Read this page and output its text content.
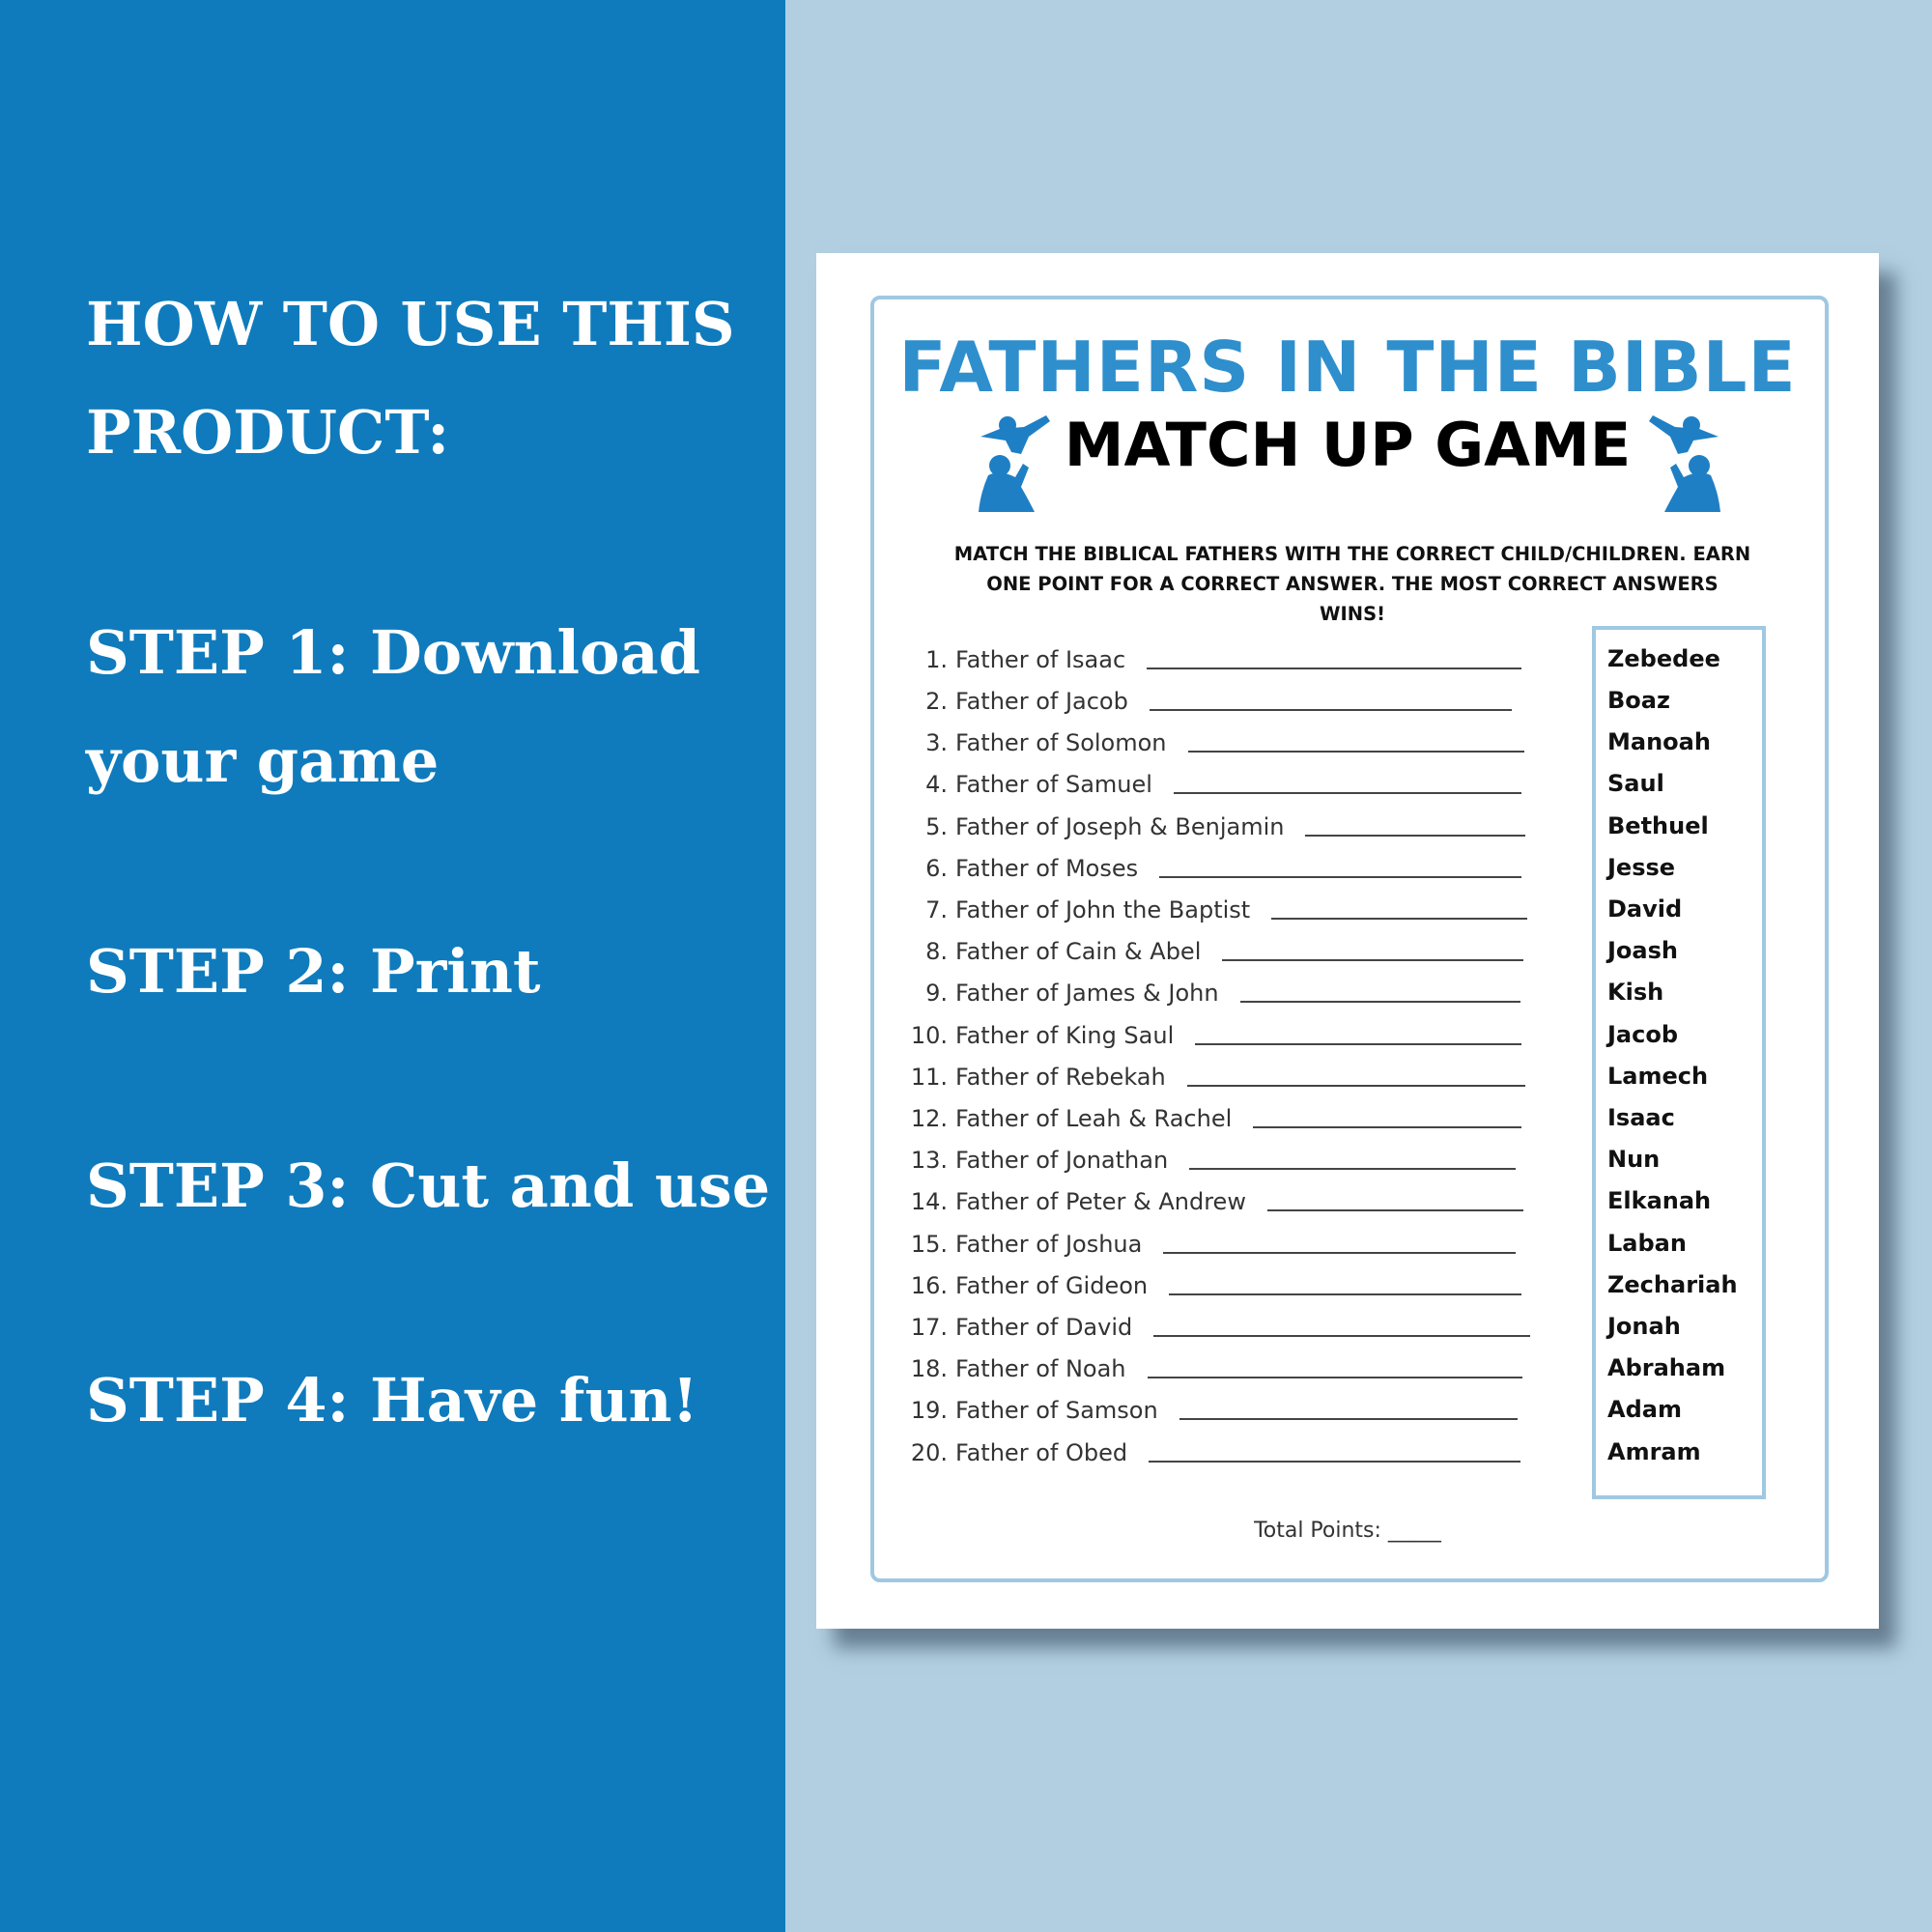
HOW TO USE THIS PRODUCT:

STEP 1: Download your game

STEP 2: Print

STEP 3: Cut and use

STEP 4: Have fun!

FATHERS IN THE BIBLE
MATCH UP GAME
MATCH THE BIBLICAL FATHERS WITH THE CORRECT CHILD/CHILDREN. EARN
ONE POINT FOR A CORRECT ANSWER. THE MOST CORRECT ANSWERS WINS!
1. Father of Isaac
2. Father of Jacob
3. Father of Solomon
4. Father of Samuel
5. Father of Joseph & Benjamin
6. Father of Moses
7. Father of John the Baptist
8. Father of Cain & Abel
9. Father of James & John
10. Father of King Saul
11. Father of Rebekah
12. Father of Leah & Rachel
13. Father of Jonathan
14. Father of Peter & Andrew
15. Father of Joshua
16. Father of Gideon
17. Father of David
18. Father of Noah
19. Father of Samson
20. Father of Obed
Zebedee
Boaz
Manoah
Saul
Bethuel
Jesse
David
Joash
Kish
Jacob
Lamech
Isaac
Nun
Elkanah
Laban
Zechariah
Jonah
Abraham
Adam
Amram
Total Points: _____
